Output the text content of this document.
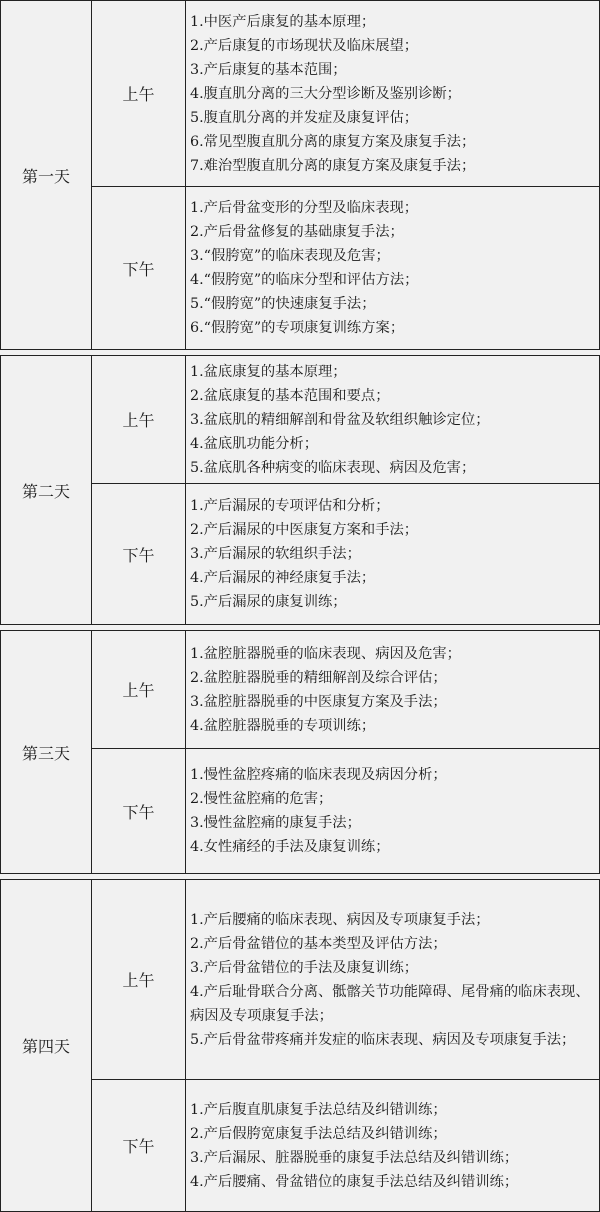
第一天
上午
1.中医产后康复的基本原理；
2.产后康复的市场现状及临床展望；
3.产后康复的基本范围；
4.腹直肌分离的三大分型诊断及鉴别诊断；
5.腹直肌分离的并发症及康复评估；
6.常见型腹直肌分离的康复方案及康复手法；
7.难治型腹直肌分离的康复方案及康复手法；
下午
1.产后骨盆变形的分型及临床表现；
2.产后骨盆修复的基础康复手法；
3.“假胯宽”的临床表现及危害；
4.“假胯宽”的临床分型和评估方法；
5.“假胯宽”的快速康复手法；
6.“假胯宽”的专项康复训练方案；
第二天
上午
1.盆底康复的基本原理；
2.盆底康复的基本范围和要点；
3.盆底肌的精细解剖和骨盆及软组织触诊定位；
4.盆底肌功能分析；
5.盆底肌各种病变的临床表现、病因及危害；
下午
1.产后漏尿的专项评估和分析；
2.产后漏尿的中医康复方案和手法；
3.产后漏尿的软组织手法；
4.产后漏尿的神经康复手法；
5.产后漏尿的康复训练；
第三天
上午
1.盆腔脏器脱垂的临床表现、病因及危害；
2.盆腔脏器脱垂的精细解剖及综合评估；
3.盆腔脏器脱垂的中医康复方案及手法；
4.盆腔脏器脱垂的专项训练；
下午
1.慢性盆腔疼痛的临床表现及病因分析；
2.慢性盆腔痛的危害；
3.慢性盆腔痛的康复手法；
4.女性痛经的手法及康复训练；
第四天
上午
1.产后腰痛的临床表现、病因及专项康复手法；
2.产后骨盆错位的基本类型及评估方法；
3.产后骨盆错位的手法及康复训练；
4.产后耻骨联合分离、骶髂关节功能障碍、尾骨痛的临床表现、病因及专项康复手法；
5.产后骨盆带疼痛并发症的临床表现、病因及专项康复手法；
下午
1.产后腹直肌康复手法总结及纠错训练；
2.产后假胯宽康复手法总结及纠错训练；
3.产后漏尿、脏器脱垂的康复手法总结及纠错训练；
4.产后腰痛、骨盆错位的康复手法总结及纠错训练；
